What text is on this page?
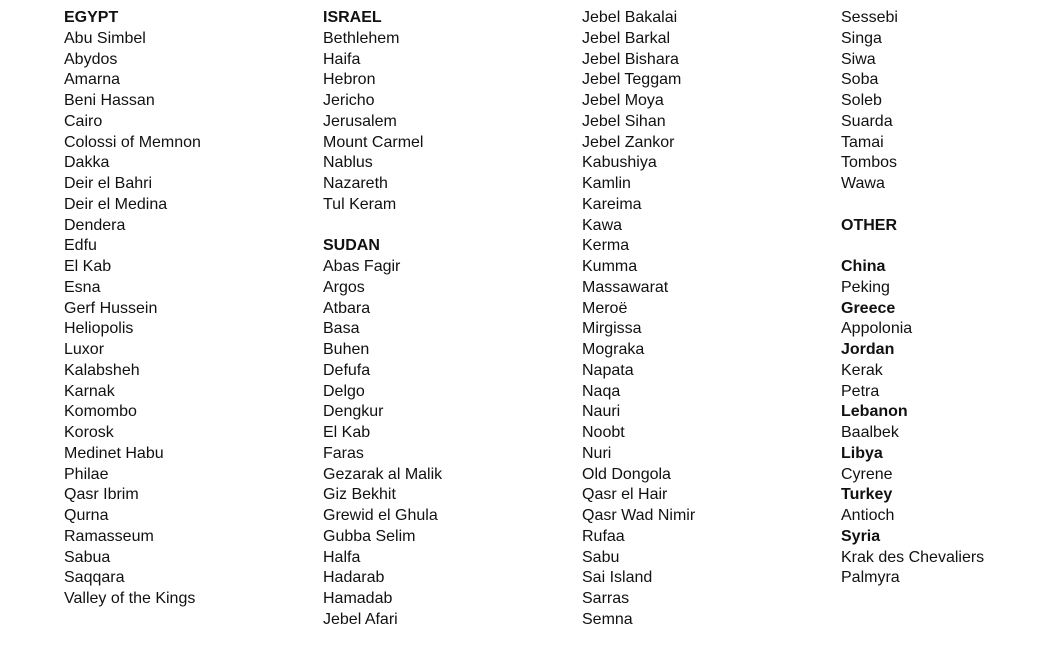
EGYPT
Abu Simbel
Abydos
Amarna
Beni Hassan
Cairo
Colossi of Memnon
Dakka
Deir el Bahri
Deir el Medina
Dendera
Edfu
El Kab
Esna
Gerf Hussein
Heliopolis
Luxor
Kalabsheh
Karnak
Komombo
Korosk
Medinet Habu
Philae
Qasr Ibrim
Qurna
Ramasseum
Sabua
Saqqara
Valley of the Kings
ISRAEL
Bethlehem
Haifa
Hebron
Jericho
Jerusalem
Mount Carmel
Nablus
Nazareth
Tul Keram
SUDAN
Abas Fagir
Argos
Atbara
Basa
Buhen
Defufa
Delgo
Dengkur
El Kab
Faras
Gezarak al Malik
Giz Bekhit
Grewid el Ghula
Gubba Selim
Halfa
Hadarab
Hamadab
Jebel Afari
Jebel Bakalai
Jebel Barkal
Jebel Bishara
Jebel Teggam
Jebel Moya
Jebel Sihan
Jebel Zankor
Kabushiya
Kamlin
Kareima
Kawa
Kerma
Kumma
Massawarat
Meroë
Mirgissa
Mograka
Napata
Naqa
Nauri
Noobt
Nuri
Old Dongola
Qasr el Hair
Qasr Wad Nimir
Rufaa
Sabu
Sai Island
Sarras
Semna
Sessebi
Singa
Siwa
Soba
Soleb
Suarda
Tamai
Tombos
Wawa
OTHER
China
Peking
Greece
Appolonia
Jordan
Kerak
Petra
Lebanon
Baalbek
Libya
Cyrene
Turkey
Antioch
Syria
Krak des Chevaliers
Palmyra
